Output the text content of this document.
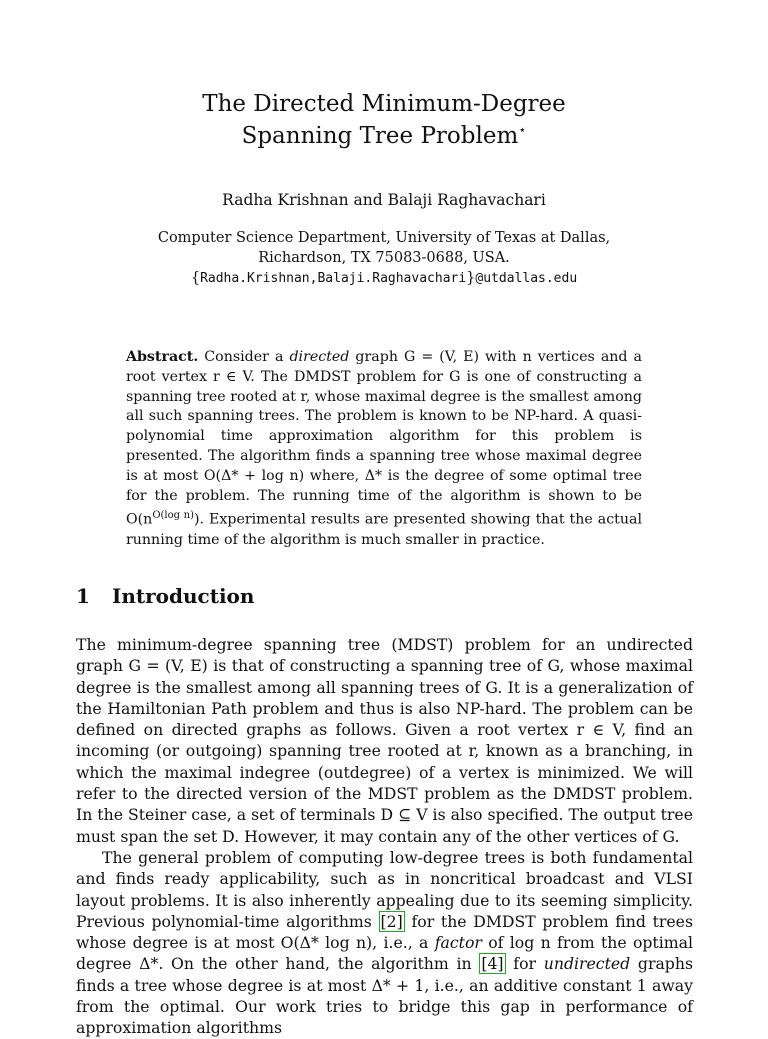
The Directed Minimum-Degree
Spanning Tree Problem⋆
Radha Krishnan and Balaji Raghavachari
Computer Science Department, University of Texas at Dallas,
Richardson, TX 75083-0688, USA.
{Radha.Krishnan,Balaji.Raghavachari}@utdallas.edu
Abstract. Consider a directed graph G = (V, E) with n vertices and a root vertex r ∈ V. The DMDST problem for G is one of constructing a spanning tree rooted at r, whose maximal degree is the smallest among all such spanning trees. The problem is known to be NP-hard. A quasi-polynomial time approximation algorithm for this problem is presented. The algorithm finds a spanning tree whose maximal degree is at most O(Δ* + log n) where, Δ* is the degree of some optimal tree for the problem. The running time of the algorithm is shown to be $O(n^{O(log n)})$. Experimental results are presented showing that the actual running time of the algorithm is much smaller in practice.
1 Introduction

The minimum-degree spanning tree (MDST) problem for an undirected graph G = (V, E) is that of constructing a spanning tree of G, whose maximal degree is the smallest among all spanning trees of G. It is a generalization of the Hamiltonian Path problem and thus is also NP-hard. The problem can be defined on directed graphs as follows. Given a root vertex r ∈ V, find an incoming (or outgoing) spanning tree rooted at r, known as a branching, in which the maximal indegree (outdegree) of a vertex is minimized. We will refer to the directed version of the MDST problem as the DMDST problem. In the Steiner case, a set of terminals D ⊆ V is also specified. The output tree must span the set D. However, it may contain any of the other vertices of G.

The general problem of computing low-degree trees is both fundamental and finds ready applicability, such as in noncritical broadcast and VLSI layout problems. It is also inherently appealing due to its seeming simplicity. Previous polynomial-time algorithms [2] for the DMDST problem find trees whose degree is at most O(Δ* log n), i.e., a factor of log n from the optimal degree Δ*. On the other hand, the algorithm in [4] for undirected graphs finds a tree whose degree is at most Δ* + 1, i.e., an additive constant 1 away from the optimal. Our work tries to bridge this gap in performance of approximation algorithms
